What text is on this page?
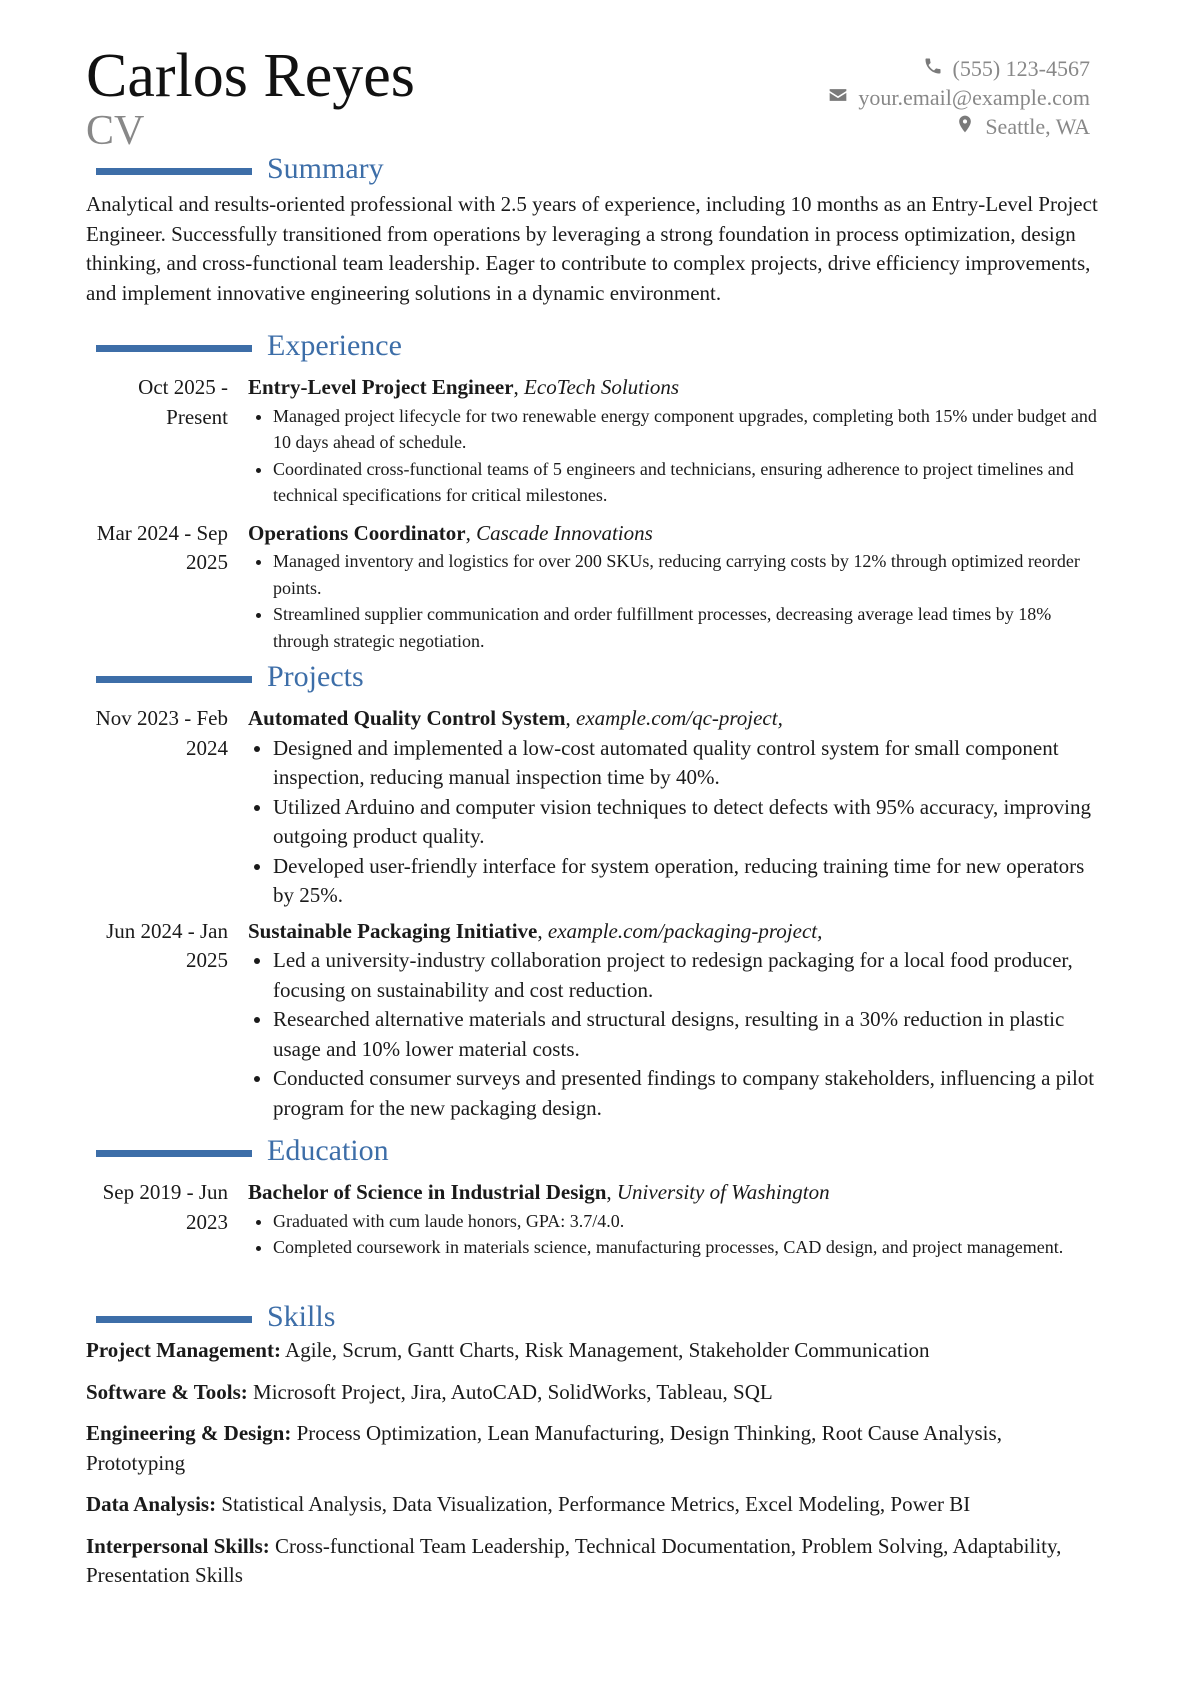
Carlos Reyes
CV
(555) 123-4567
your.email@example.com
Seattle, WA
Summary
Analytical and results-oriented professional with 2.5 years of experience, including 10 months as an Entry-Level Project Engineer. Successfully transitioned from operations by leveraging a strong foundation in process optimization, design thinking, and cross-functional team leadership. Eager to contribute to complex projects, drive efficiency improvements, and implement innovative engineering solutions in a dynamic environment.
Experience
Oct 2025 - Present
Entry-Level Project Engineer, EcoTech Solutions
• Managed project lifecycle for two renewable energy component upgrades, completing both 15% under budget and 10 days ahead of schedule.
• Coordinated cross-functional teams of 5 engineers and technicians, ensuring adherence to project timelines and technical specifications for critical milestones.
Mar 2024 - Sep 2025
Operations Coordinator, Cascade Innovations
• Managed inventory and logistics for over 200 SKUs, reducing carrying costs by 12% through optimized reorder points.
• Streamlined supplier communication and order fulfillment processes, decreasing average lead times by 18% through strategic negotiation.
Projects
Nov 2023 - Feb 2024
Automated Quality Control System, example.com/qc-project,
• Designed and implemented a low-cost automated quality control system for small component inspection, reducing manual inspection time by 40%.
• Utilized Arduino and computer vision techniques to detect defects with 95% accuracy, improving outgoing product quality.
• Developed user-friendly interface for system operation, reducing training time for new operators by 25%.
Jun 2024 - Jan 2025
Sustainable Packaging Initiative, example.com/packaging-project,
• Led a university-industry collaboration project to redesign packaging for a local food producer, focusing on sustainability and cost reduction.
• Researched alternative materials and structural designs, resulting in a 30% reduction in plastic usage and 10% lower material costs.
• Conducted consumer surveys and presented findings to company stakeholders, influencing a pilot program for the new packaging design.
Education
Sep 2019 - Jun 2023
Bachelor of Science in Industrial Design, University of Washington
• Graduated with cum laude honors, GPA: 3.7/4.0.
• Completed coursework in materials science, manufacturing processes, CAD design, and project management.
Skills
Project Management: Agile, Scrum, Gantt Charts, Risk Management, Stakeholder Communication
Software & Tools: Microsoft Project, Jira, AutoCAD, SolidWorks, Tableau, SQL
Engineering & Design: Process Optimization, Lean Manufacturing, Design Thinking, Root Cause Analysis, Prototyping
Data Analysis: Statistical Analysis, Data Visualization, Performance Metrics, Excel Modeling, Power BI
Interpersonal Skills: Cross-functional Team Leadership, Technical Documentation, Problem Solving, Adaptability, Presentation Skills
